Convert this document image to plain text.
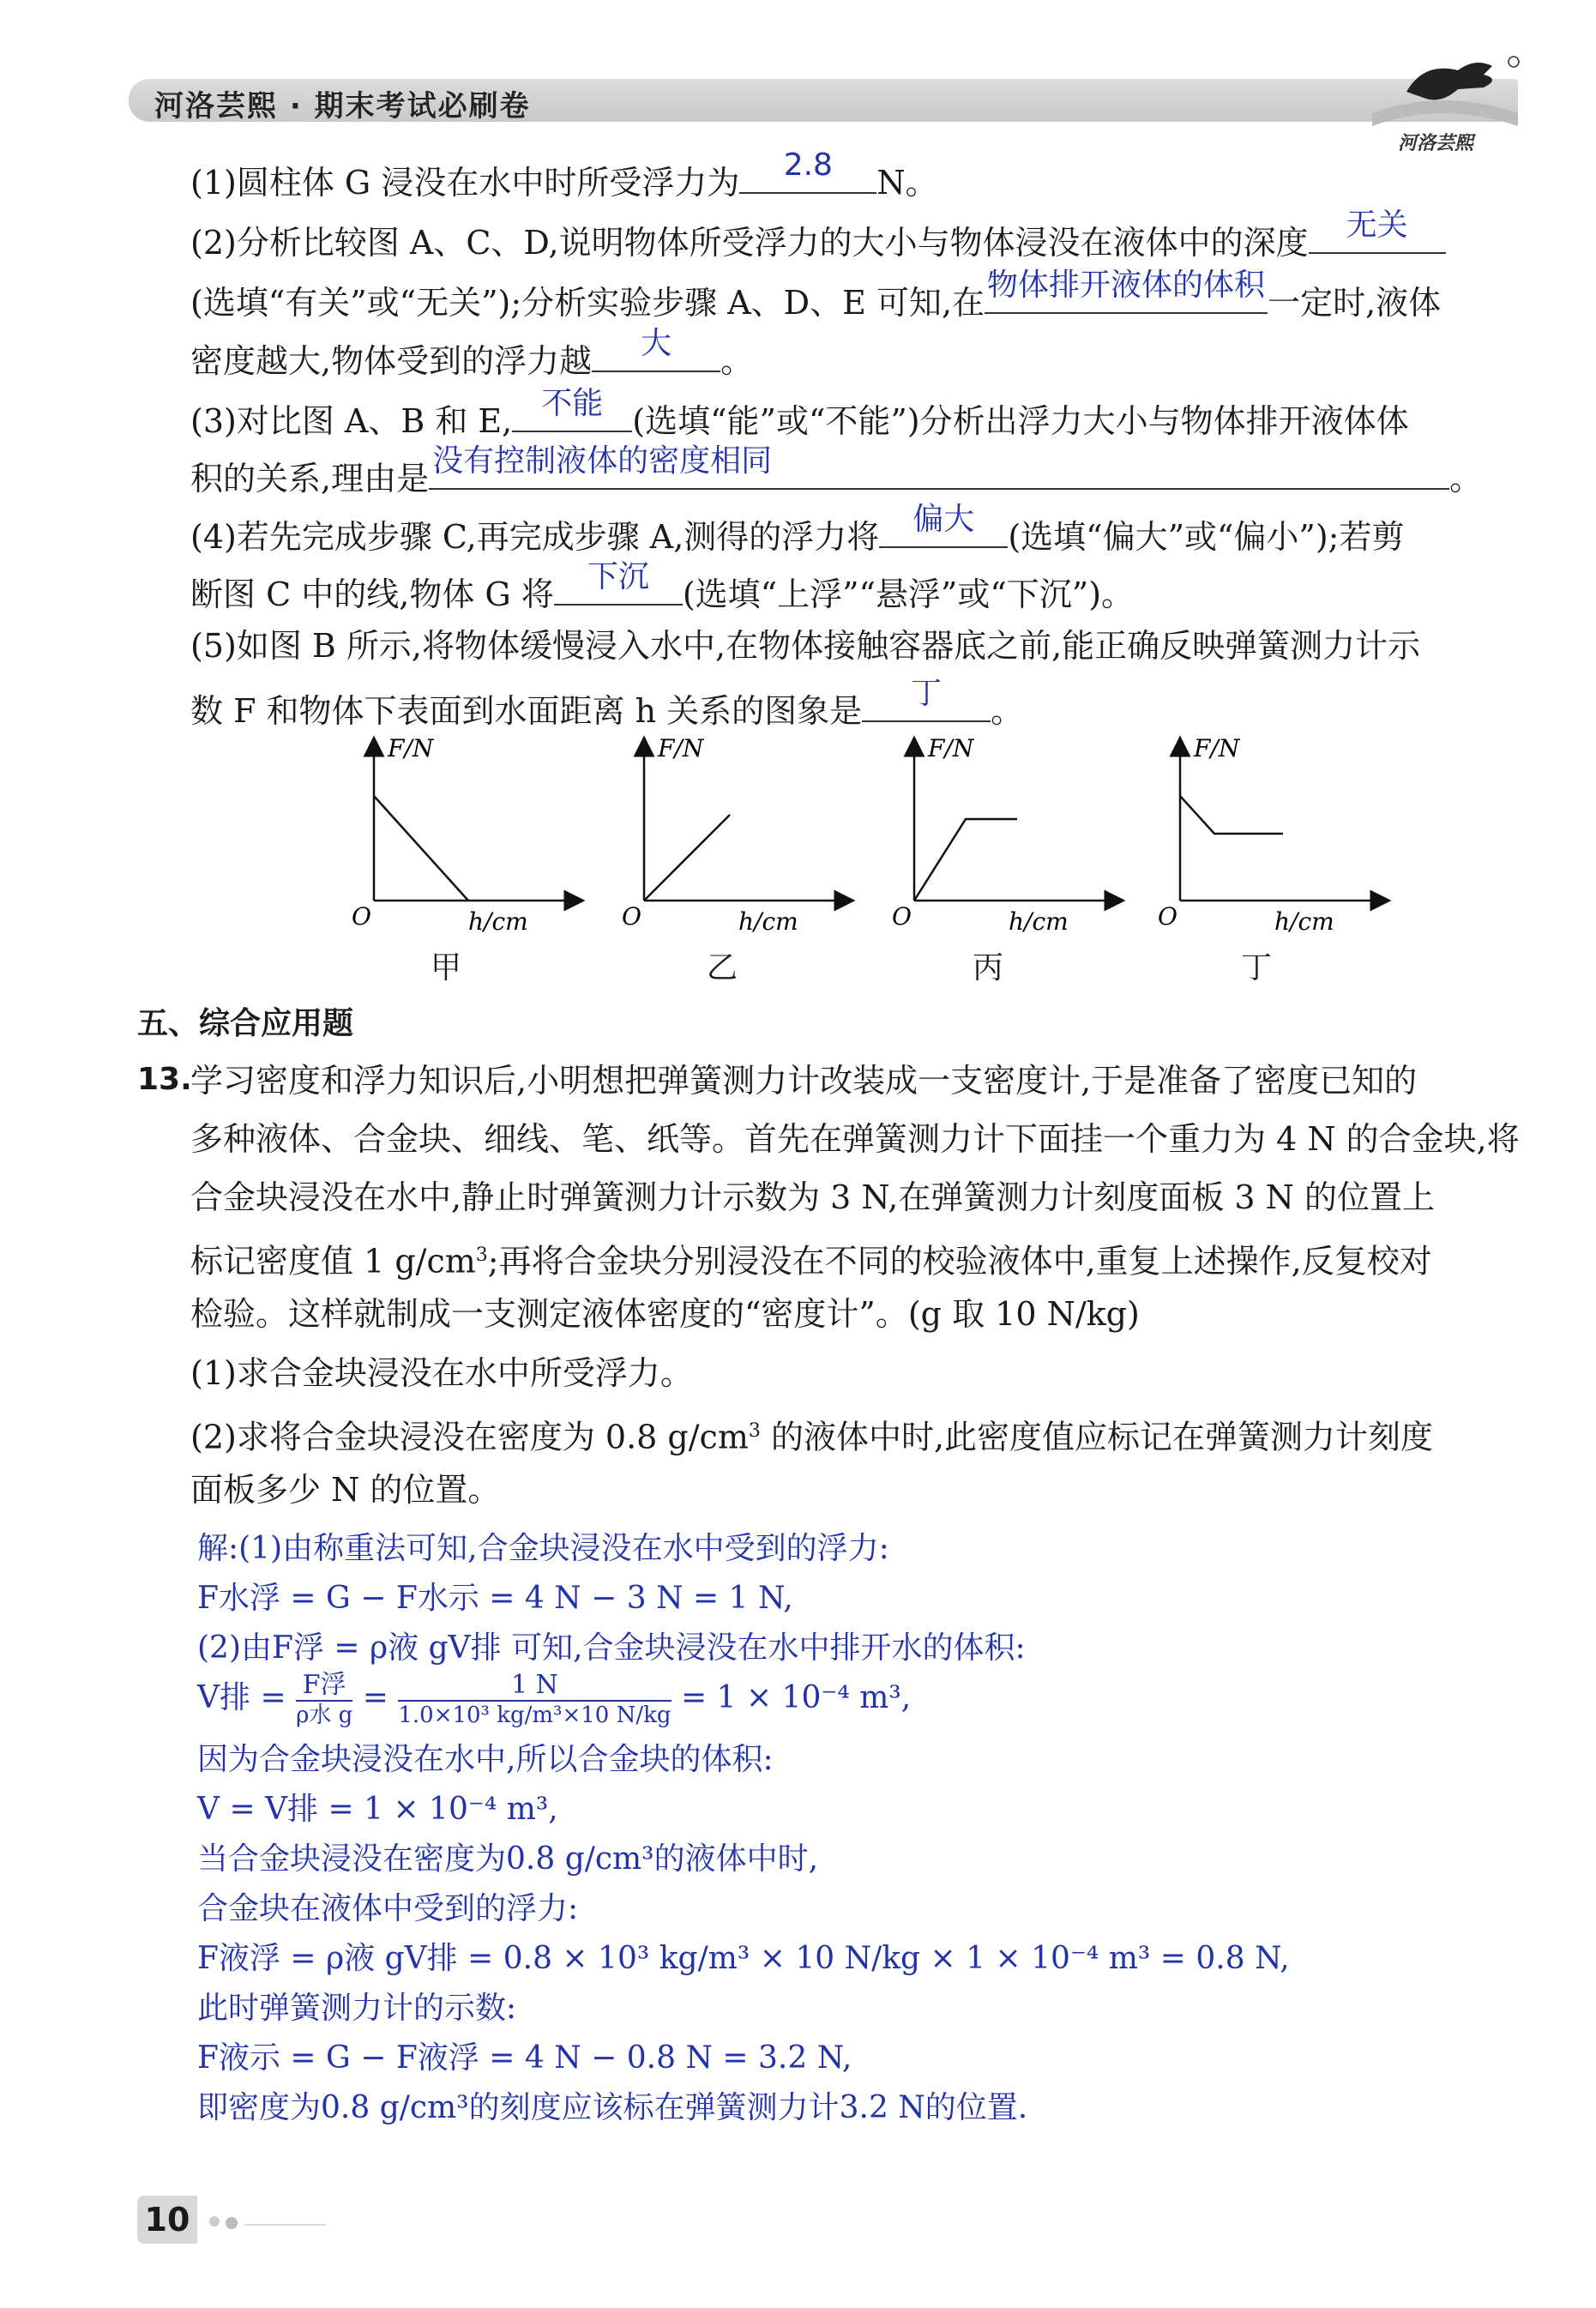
河洛芸熙 · 期末考试必刷卷
河洛芸熙
(1)圆柱体 G 浸没在水中时所受浮力为	2.8	N。
(2)分析比较图 A、C、D,说明物体所受浮力的大小与物体浸没在液体中的深度	无关
(选填“有关”或“无关”);分析实验步骤 A、D、E 可知,在 物体排开液体的体积 一定时,液体
密度越大,物体受到的浮力越	大	。
(3)对比图 A、B 和 E, 不能 (选填“能”或“不能”)分析出浮力大小与物体排开液体体
积的关系,理由是 没有控制液体的密度相同	。
(4)若先完成步骤 C,再完成步骤 A,测得的浮力将	偏大	(选填“偏大”或“偏小”);若剪
断图 C 中的线,物体 G 将	下沉	(选填“上浮”“悬浮”或“下沉”)。
(5)如图 B 所示,将物体缓慢浸入水中,在物体接触容器底之前,能正确反映弹簧测力计示
数 F 和物体下表面到水面距离 h 关系的图象是	丁	。
F/N
h/cm
O
甲
F/N
h/cm
O
乙
F/N
h/cm
O
丙
F/N
h/cm
O
丁
五、综合应用题
13.
学习密度和浮力知识后,小明想把弹簧测力计改装成一支密度计,于是准备了密度已知的
多种液体、合金块、细线、笔、纸等。首先在弹簧测力计下面挂一个重力为 4 N 的合金块,将
合金块浸没在水中,静止时弹簧测力计示数为 3 N,在弹簧测力计刻度面板 3 N 的位置上
标记密度值 1 $g/cm^3$;再将合金块分别浸没在不同的校验液体中,重复上述操作,反复校对
检验。这样就制成一支测定液体密度的“密度计”。(g 取 10 N/kg)
(1)求合金块浸没在水中所受浮力。
(2)求将合金块浸没在密度为 0.8 $g/cm^3$ 的液体中时,此密度值应标记在弹簧测力计刻度
面板多少 N 的位置。
解:(1)由称重法可知,合金块浸没在水中受到的浮力:
F水浮 = G − F水示 = 4 N − 3 N = 1 N,
(2)由F浮 = ρ液 gV排 可知,合金块浸没在水中排开水的体积:
V排 = $\frac{\text{F浮}}{\text{ρ水 g}} = \frac{1 N}{\text{1.0×10³ kg/m³×10 N/kg}} = 1 \times 10^{-4}$ m³,
因为合金块浸没在水中,所以合金块的体积:
V = V排 = 1 × 10⁻⁴ m³,
当合金块浸没在密度为0.8 g/cm³的液体中时,
合金块在液体中受到的浮力:
F液浮 = ρ液 gV排 = 0.8 × 10³ kg/m³ × 10 N/kg × 1 × 10⁻⁴ m³ = 0.8 N,
此时弹簧测力计的示数:
F液示 = G − F液浮 = 4 N − 0.8 N = 3.2 N,
即密度为0.8 g/cm³的刻度应该标在弹簧测力计3.2 N的位置.
10
